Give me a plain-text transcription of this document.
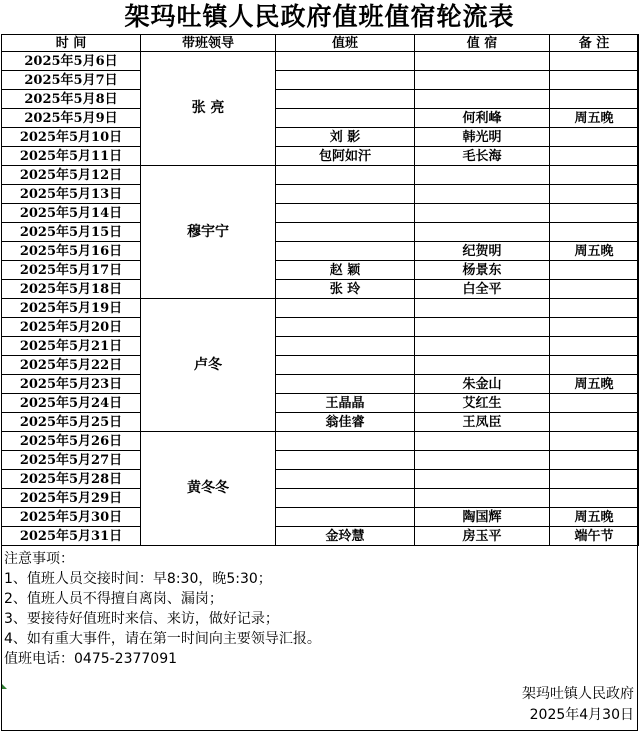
架玛吐镇人民政府值班值宿轮流表
时 间	带班领导	值班	值 宿	备 注
2025年5月6日	张 亮			
2025年5月7日				
2025年5月8日				
2025年5月9日			何利峰	周五晚
2025年5月10日		刘 影	韩光明	
2025年5月11日		包阿如汗	毛长海	
2025年5月12日	穆宇宁			
2025年5月13日				
2025年5月14日				
2025年5月15日				
2025年5月16日			纪贺明	周五晚
2025年5月17日		赵 颖	杨景东	
2025年5月18日		张 玲	白全平	
2025年5月19日	卢冬			
2025年5月20日				
2025年5月21日				
2025年5月22日				
2025年5月23日			朱金山	周五晚
2025年5月24日		王晶晶	艾红生	
2025年5月25日		翁佳睿	王凤臣	
2025年5月26日	黄冬冬			
2025年5月27日				
2025年5月28日				
2025年5月29日				
2025年5月30日			陶国辉	周五晚
2025年5月31日		金玲慧	房玉平	端午节
注意事项：
1、值班人员交接时间：早8:30，晚5:30；
2、值班人员不得擅自离岗、漏岗；
3、要接待好值班时来信、来访，做好记录；
4、如有重大事件，请在第一时间向主要领导汇报。
值班电话：0475-2377091
架玛吐镇人民政府
2025年4月30日
